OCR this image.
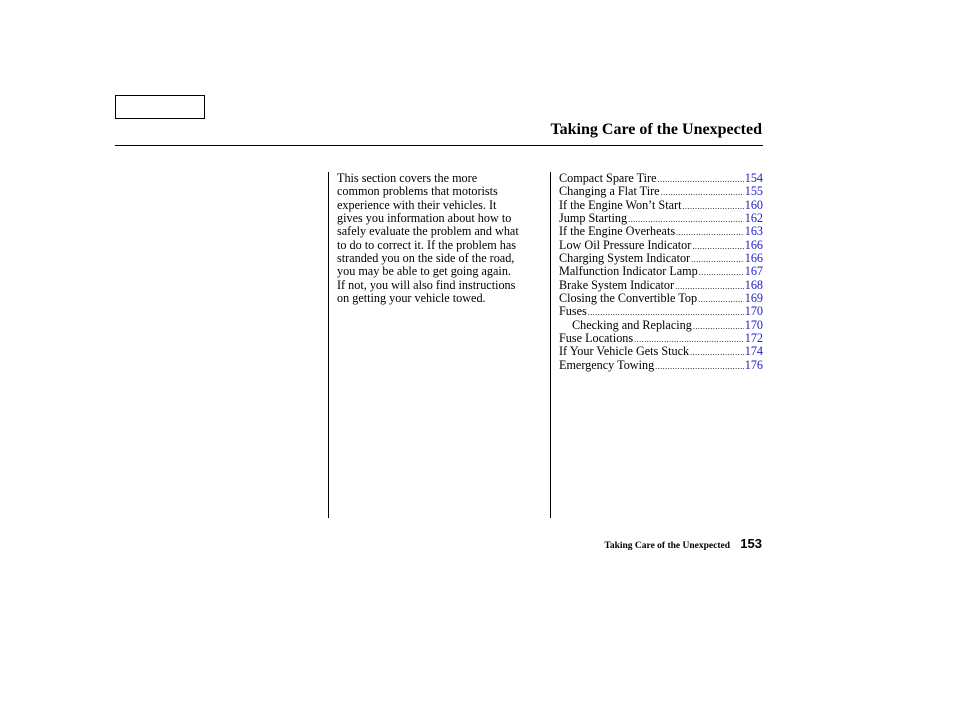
Taking Care of the Unexpected
This section covers the more
common problems that motorists
experience with their vehicles. It
gives you information about how to
safely evaluate the problem and what
to do to correct it. If the problem has
stranded you on the side of the road,
you may be able to get going again.
If not, you will also find instructions
on getting your vehicle towed.
Compact Spare Tire .....	154
Changing a Flat Tire .....	155
If the Engine Won’t Start .....	160
Jump Starting .....	162
If the Engine Overheats .....	163
Low Oil Pressure Indicator .....	166
Charging System Indicator .....	166
Malfunction Indicator Lamp .....	167
Brake System Indicator .....	168
Closing the Convertible Top .....	169
Fuses .....	170
Checking and Replacing .....	170
Fuse Locations .....	172
If Your Vehicle Gets Stuck .....	174
Emergency Towing .....	176
Taking Care of the Unexpected 153
